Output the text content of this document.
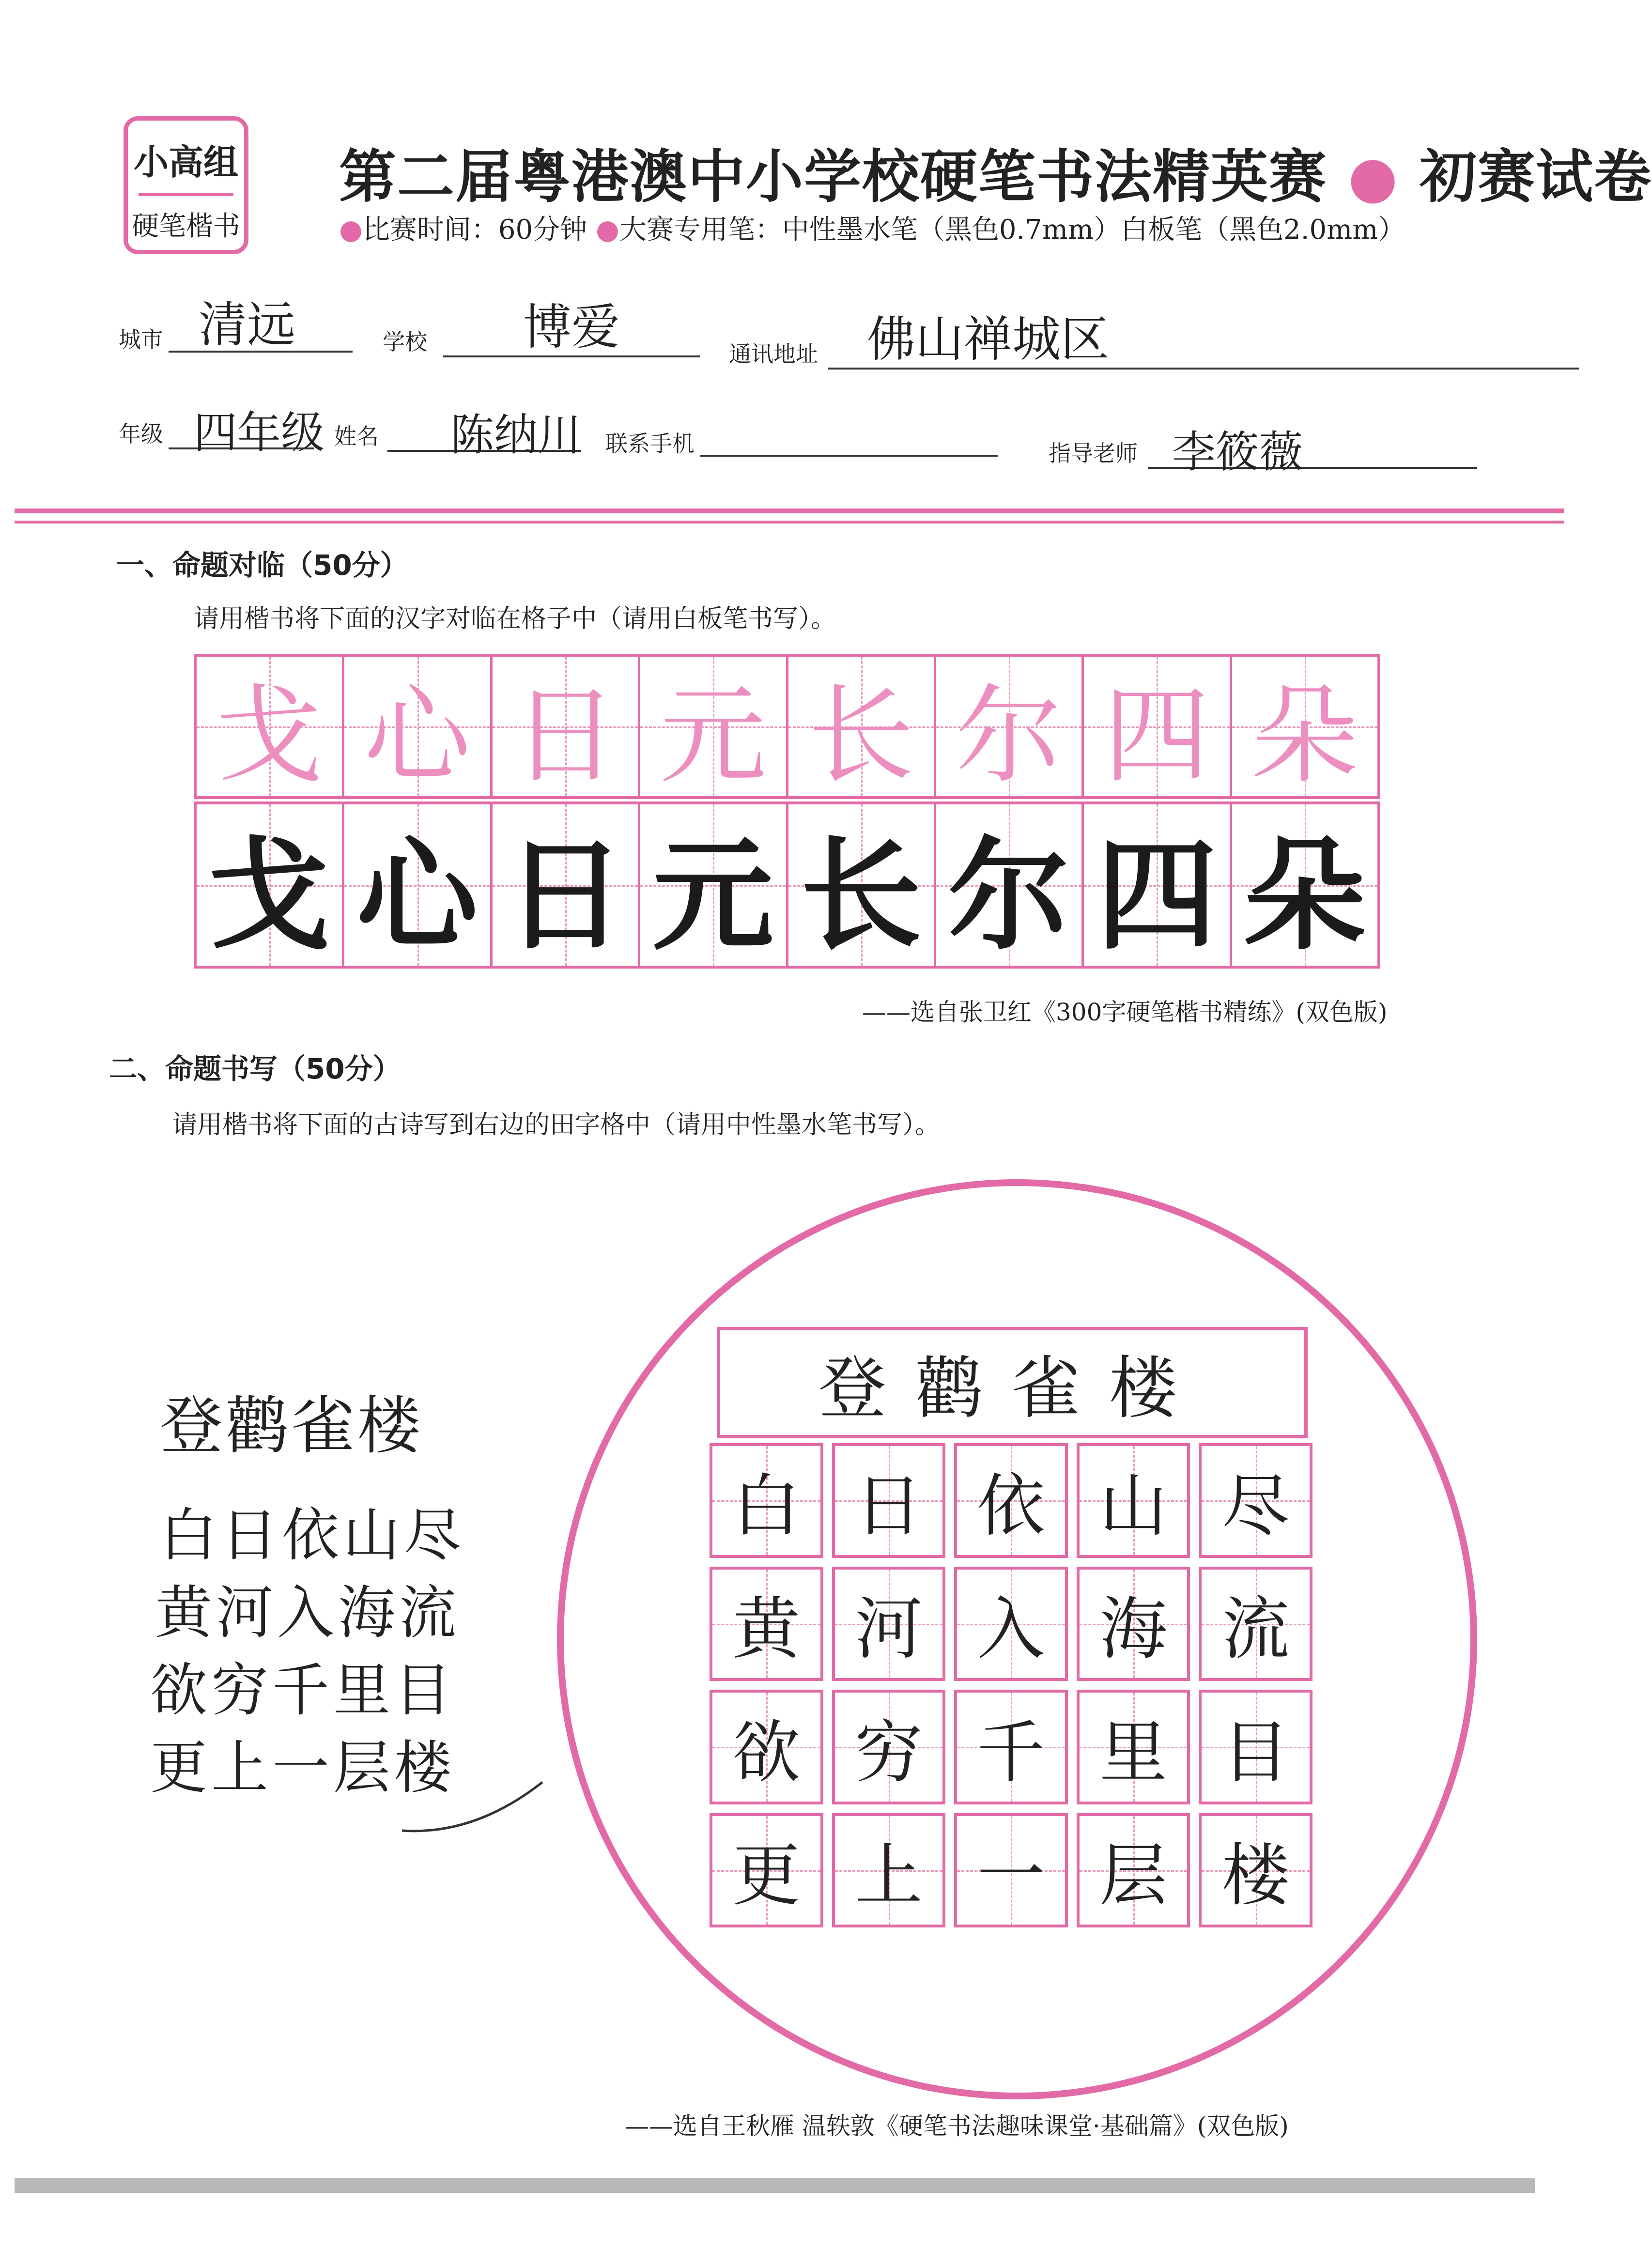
小高组
硬笔楷书
第二届粤港澳中小学校硬笔书法精英赛 ● 初赛试卷
●比赛时间：60分钟 ●大赛专用笔：中性墨水笔（黑色0.7mm）白板笔（黑色2.0mm）
城市 清远	学校 博爱	通讯地址 佛山禅城区
年级 四年级 姓名 陈纳川 联系手机	指导老师 李筱薇
一、命题对临（50分）
请用楷书将下面的汉字对临在格子中（请用白板笔书写）。
戈 心 日 元 长 尔 四 朵
戈 心 日 元 长 尔 四 朵
——选自张卫红《300字硬笔楷书精练》(双色版)
二、命题书写（50分）
请用楷书将下面的古诗写到右边的田字格中（请用中性墨水笔书写）。
登鹳雀楼
白日依山尽
黄河入海流
欲穷千里目
更上一层楼
登鹳雀楼
白 日 依 山 尽
黄 河 入 海 流
欲 穷 千 里 目
更 上 一 层 楼
——选自王秋雁 温轶敦《硬笔书法趣味课堂·基础篇》(双色版)
